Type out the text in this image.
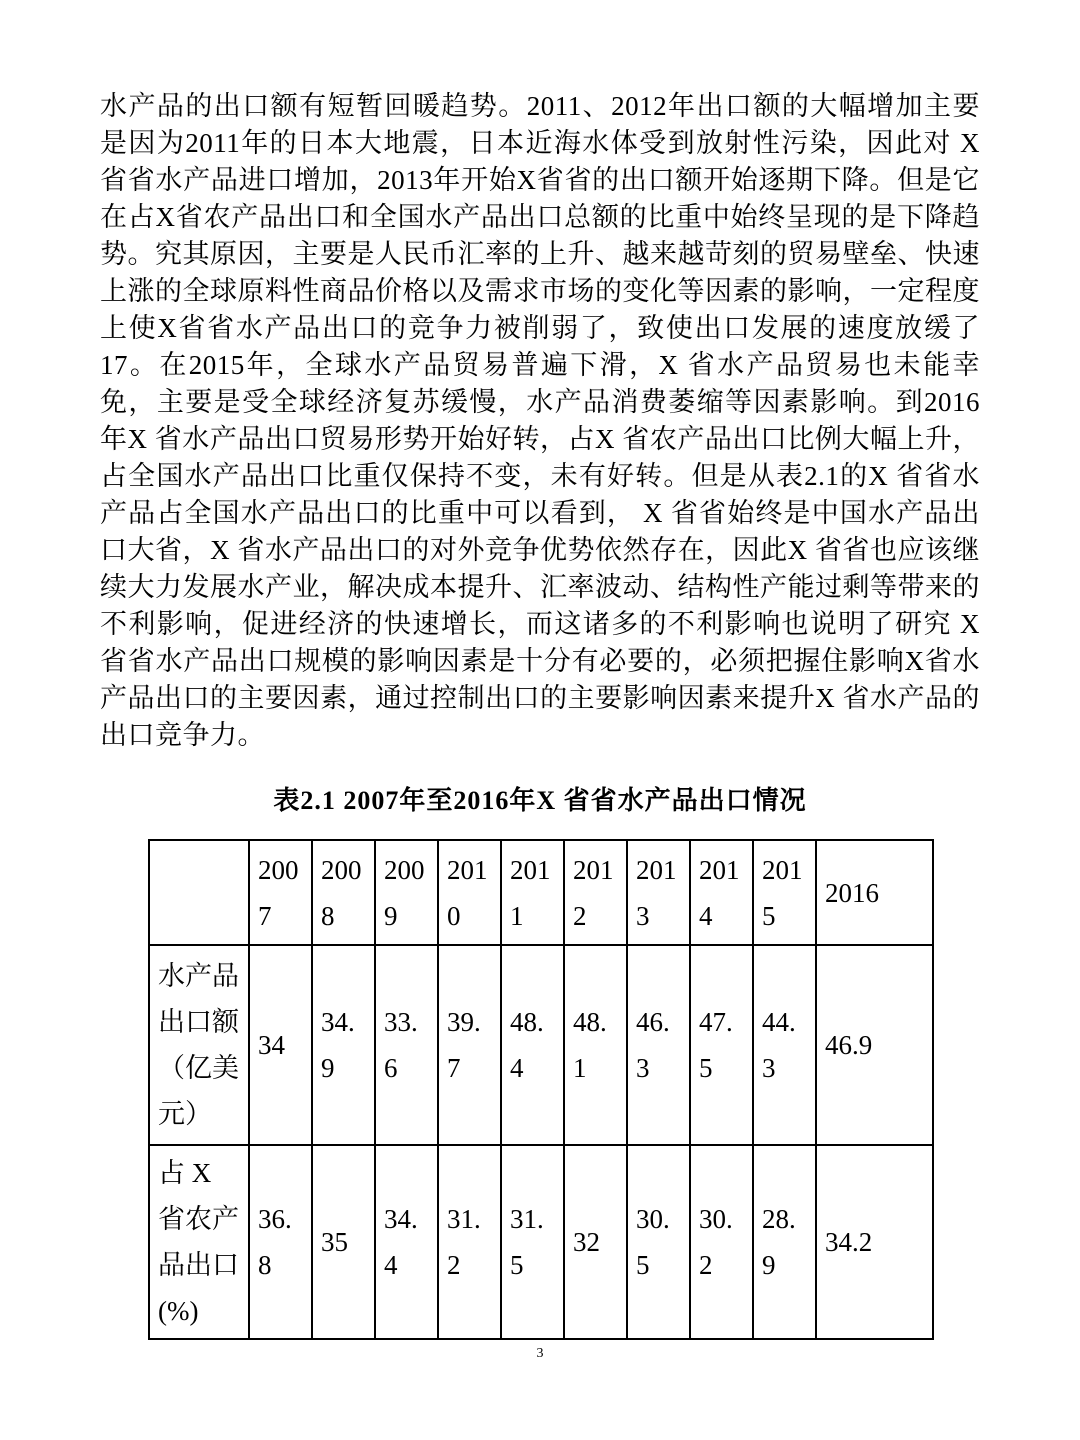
水产品的出口额有短暂回暖趋势。2011、2012年出口额的大幅增加主要是因为2011年的日本大地震，日本近海水体受到放射性污染，因此对 X 省省水产品进口增加，2013年开始X省省的出口额开始逐期下降。但是它在占X省农产品出口和全国水产品出口总额的比重中始终呈现的是下降趋势。究其原因，主要是人民币汇率的上升、越来越苛刻的贸易壁垒、快速上涨的全球原料性商品价格以及需求市场的变化等因素的影响，一定程度上使X省省水产品出口的竞争力被削弱了，致使出口发展的速度放缓了17。在2015年，全球水产品贸易普遍下滑，X 省水产品贸易也未能幸免，主要是受全球经济复苏缓慢，水产品消费萎缩等因素影响。到2016年X 省水产品出口贸易形势开始好转，占X 省农产品出口比例大幅上升，占全国水产品出口比重仅保持不变，未有好转。但是从表2.1的X 省省水产品占全国水产品出口的比重中可以看到， X 省省始终是中国水产品出口大省，X 省水产品出口的对外竞争优势依然存在，因此X 省省也应该继续大力发展水产业，解决成本提升、汇率波动、结构性产能过剩等带来的不利影响，促进经济的快速增长，而这诸多的不利影响也说明了研究 X 省省水产品出口规模的影响因素是十分有必要的，必须把握住影响X省水产品出口的主要因素，通过控制出口的主要影响因素来提升X 省水产品的出口竞争力。

表2.1 2007年至2016年X 省省水产品出口情况
	2007	2008	2009	2010	2011	2012	2013	2014	2015	2016
水产品出口额（亿美元）	34	34.9	33.6	39.7	48.4	48.1	46.3	47.5	44.3	46.9
占 X 省农产品出口(%)	36.8	35	34.4	31.2	31.5	32	30.5	30.2	28.9	34.2
3
